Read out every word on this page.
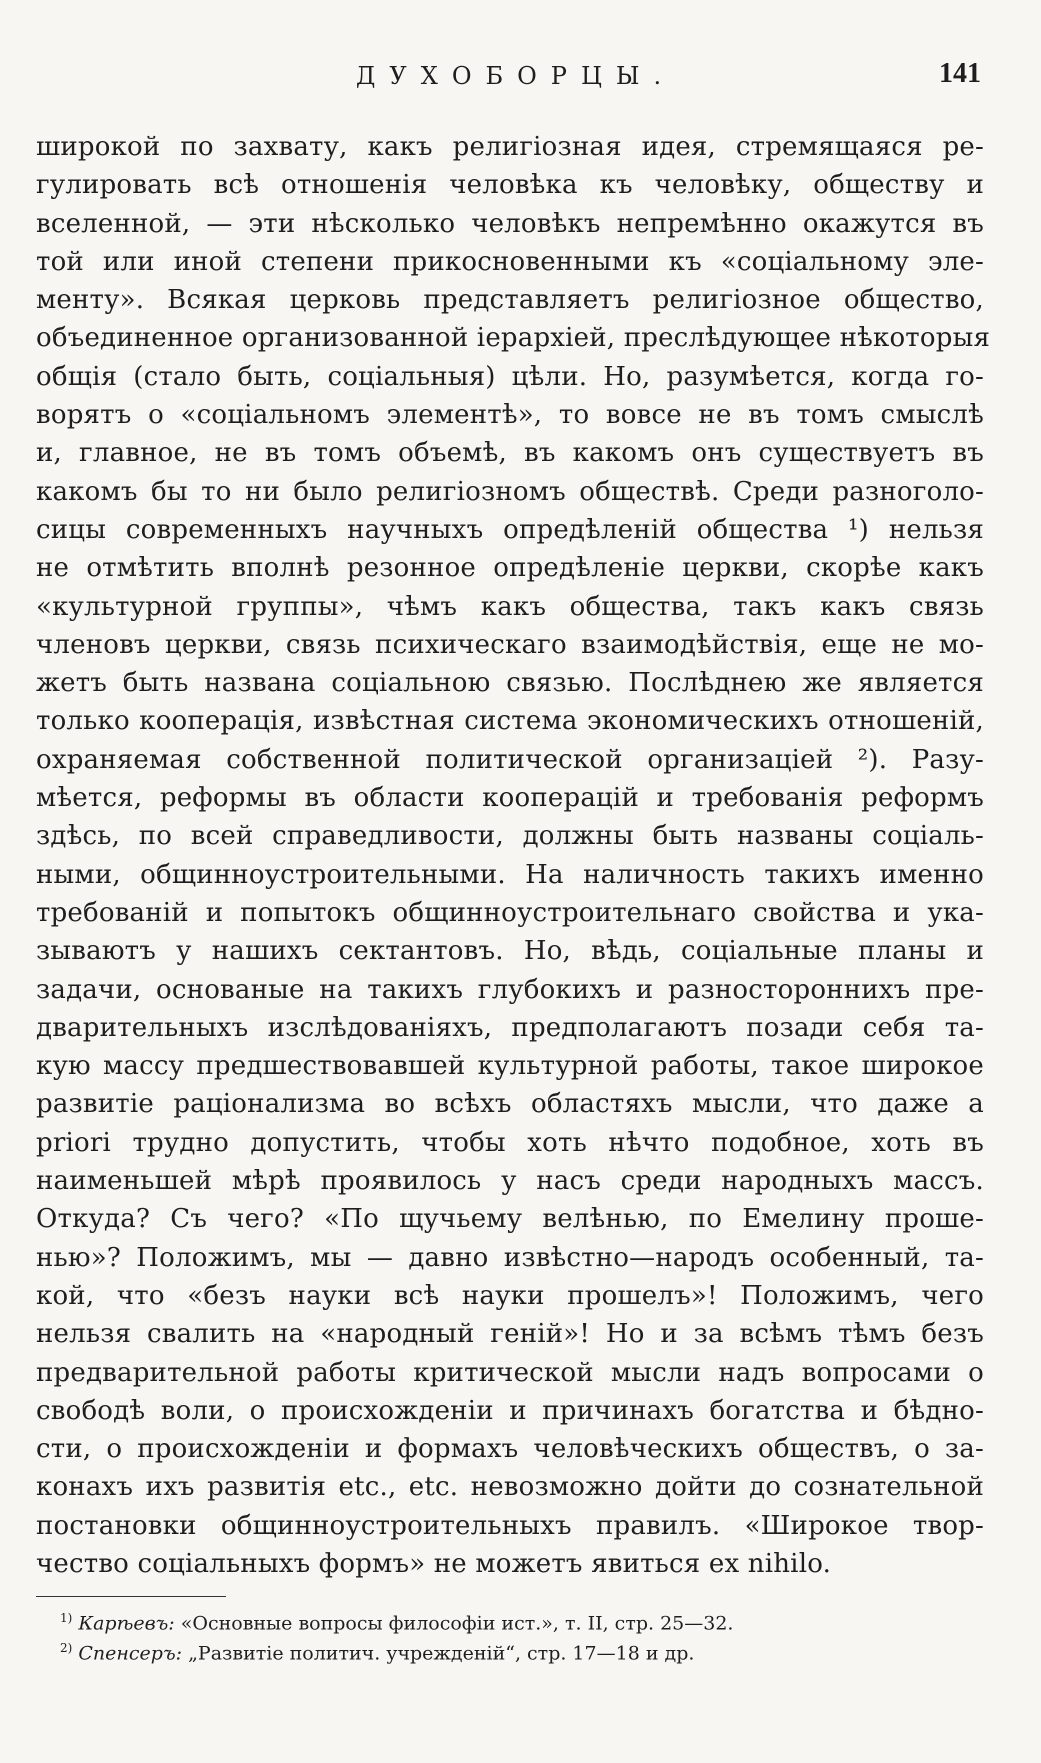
ДУХОБОРЦЫ.	141
широкой по захвату, какъ религіозная идея, стремящаяся ре-
гулировать всѣ отношенія человѣка къ человѣку, обществу и
вселенной, — эти нѣсколько человѣкъ непремѣнно окажутся въ
той или иной степени прикосновенными къ «соціальному эле-
менту». Всякая церковь представляетъ религіозное общество,
объединенное организованной іерархіей, преслѣдующее нѣкоторыя
общія (стало быть, соціальныя) цѣли. Но, разумѣется, когда го-
ворятъ о «соціальномъ элементѣ», то вовсе не въ томъ смыслѣ
и, главное, не въ томъ объемѣ, въ какомъ онъ существуетъ въ
какомъ бы то ни было религіозномъ обществѣ. Среди разноголо-
сицы современныхъ научныхъ опредѣленій общества ¹) нельзя
не отмѣтить вполнѣ резонное опредѣленіе церкви, скорѣе какъ
«культурной группы», чѣмъ какъ общества, такъ какъ связь
членовъ церкви, связь психическаго взаимодѣйствія, еще не мо-
жетъ быть названа соціальною связью. Послѣднею же является
только кооперація, извѣстная система экономическихъ отношеній,
охраняемая собственной политической организаціей ²). Разу-
мѣется, реформы въ области кооперацій и требованія реформъ
здѣсь, по всей справедливости, должны быть названы соціаль-
ными, общинноустроительными. На наличность такихъ именно
требованій и попытокъ общинноустроительнаго свойства и ука-
зываютъ у нашихъ сектантовъ. Но, вѣдь, соціальные планы и
задачи, основаные на такихъ глубокихъ и разностороннихъ пре-
дварительныхъ изслѣдованіяхъ, предполагаютъ позади себя та-
кую массу предшествовавшей культурной работы, такое широкое
развитіе раціонализма во всѣхъ областяхъ мысли, что даже a
priori трудно допустить, чтобы хоть нѣчто подобное, хоть въ
наименьшей мѣрѣ проявилось у насъ среди народныхъ массъ.
Откуда? Съ чего? «По щучьему велѣнью, по Емелину проше-
нью»? Положимъ, мы — давно извѣстно—народъ особенный, та-
кой, что «безъ науки всѣ науки прошелъ»! Положимъ, чего
нельзя свалить на «народный геній»! Но и за всѣмъ тѣмъ безъ
предварительной работы критической мысли надъ вопросами о
свободѣ воли, о происхожденіи и причинахъ богатства и бѣдно-
сти, о происхожденіи и формахъ человѣческихъ обществъ, о за-
конахъ ихъ развитія etc., etc. невозможно дойти до сознательной
постановки общинноустроительныхъ правилъ. «Широкое твор-
чество соціальныхъ формъ» не можетъ явиться ex nihilo.
$^{1)}$ Карѣевъ: «Основные вопросы философіи ист.», т. II, стр. 25—32.
$^{2)}$ Спенсеръ: „Развитіе политич. учрежденій“, стр. 17—18 и др.
